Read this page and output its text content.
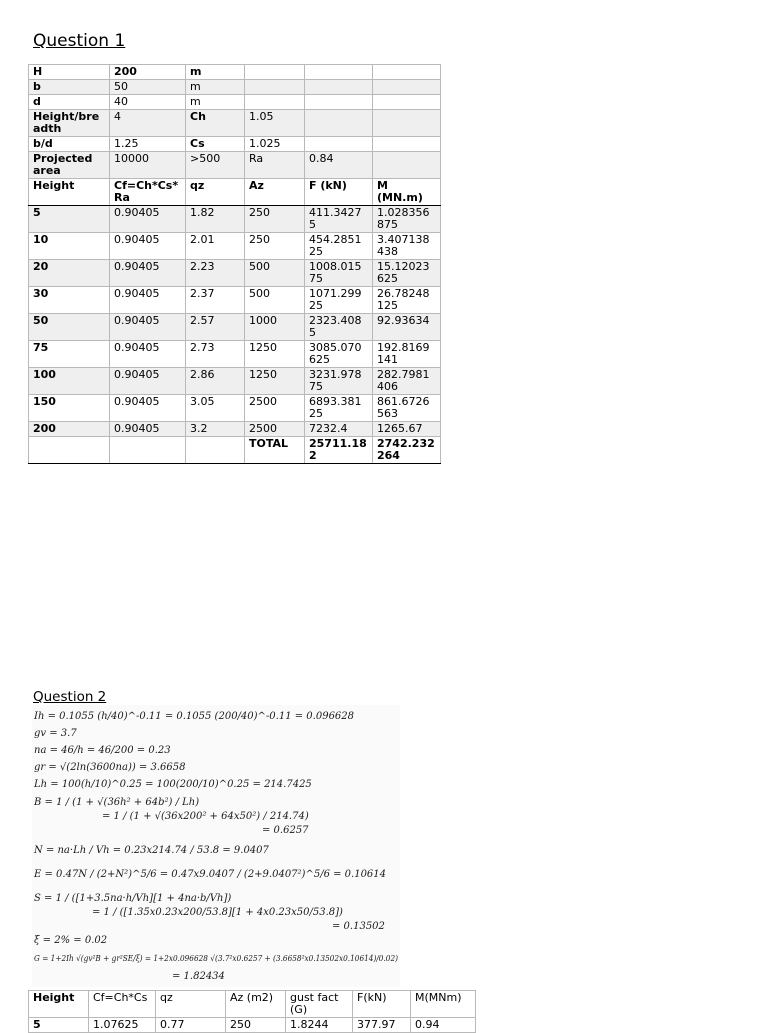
Question 1
H	200	m			
b	50	m			
d	40	m			
Height/bre adth	4	Ch	1.05		
b/d	1.25	Cs	1.025		
Projected area	10000	>500	Ra	0.84	
Height	Cf=Ch*Cs* Ra	qz	Az	F (kN)	M (MN.m)
5	0.90405	1.82	250	411.3427 5	1.028356 875
10	0.90405	2.01	250	454.2851 25	3.407138 438
20	0.90405	2.23	500	1008.015 75	15.12023 625
30	0.90405	2.37	500	1071.299 25	26.78248 125
50	0.90405	2.57	1000	2323.408 5	92.93634
75	0.90405	2.73	1250	3085.070 625	192.8169 141
100	0.90405	2.86	1250	3231.978 75	282.7981 406
150	0.90405	3.05	2500	6893.381 25	861.6726 563
200	0.90405	3.2	2500	7232.4	1265.67
			TOTAL	25711.18 2	2742.232 264
Question 2
Ih = 0.1055 (h/40)^-0.11 = 0.1055 (200/40)^-0.11 = 0.096628
gv = 3.7
na = 46/h = 46/200 = 0.23
gr = √(2ln(3600na)) = 3.6658
Lh = 100(h/10)^0.25 = 100(200/10)^0.25 = 214.7425
B = 1 / (1 + √(36h² + 64b²) / Lh)
= 1 / (1 + √(36x200² + 64x50²) / 214.74)
= 0.6257
N = na·Lh / Vh = 0.23x214.74 / 53.8 = 9.0407
E = 0.47N / (2+N²)^5/6 = 0.47x9.0407 / (2+9.0407²)^5/6 = 0.10614
S = 1 / ([1+3.5na·h/Vh][1 + 4na·b/Vh])
= 1 / ([1.35x0.23x200/53.8][1 + 4x0.23x50/53.8])
= 0.13502
ξ = 2% = 0.02
G = 1+2Ih √(gv²B + gr²SE/ξ) = 1+2x0.096628 √(3.7²x0.6257 + (3.6658²x0.13502x0.10614)/0.02)
= 1.82434
Height	Cf=Ch*Cs	qz	Az (m2)	gust fact (G)	F(kN)	M(MNm)
5	1.07625	0.77	250	1.8244	377.97	0.94
